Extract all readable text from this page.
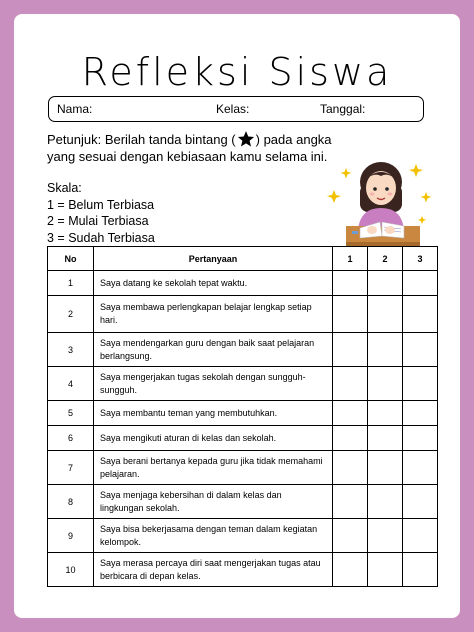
Refleksi Siswa
Nama:	Kelas:	Tanggal:
Petunjuk: Berilah tanda bintang ( ) pada angka yang sesuai dengan kebiasaan kamu selama ini.
Skala:
1 = Belum Terbiasa
2 = Mulai Terbiasa
3 = Sudah Terbiasa
No	Pertanyaan	1	2	3
1	Saya datang ke sekolah tepat waktu.			
2	Saya membawa perlengkapan belajar lengkap setiap hari.			
3	Saya mendengarkan guru dengan baik saat pelajaran berlangsung.			
4	Saya mengerjakan tugas sekolah dengan sungguh-sungguh.			
5	Saya membantu teman yang membutuhkan.			
6	Saya mengikuti aturan di kelas dan sekolah.			
7	Saya berani bertanya kepada guru jika tidak memahami pelajaran.			
8	Saya menjaga kebersihan di dalam kelas dan lingkungan sekolah.			
9	Saya bisa bekerjasama dengan teman dalam kegiatan kelompok.			
10	Saya merasa percaya diri saat mengerjakan tugas atau berbicara di depan kelas.			
